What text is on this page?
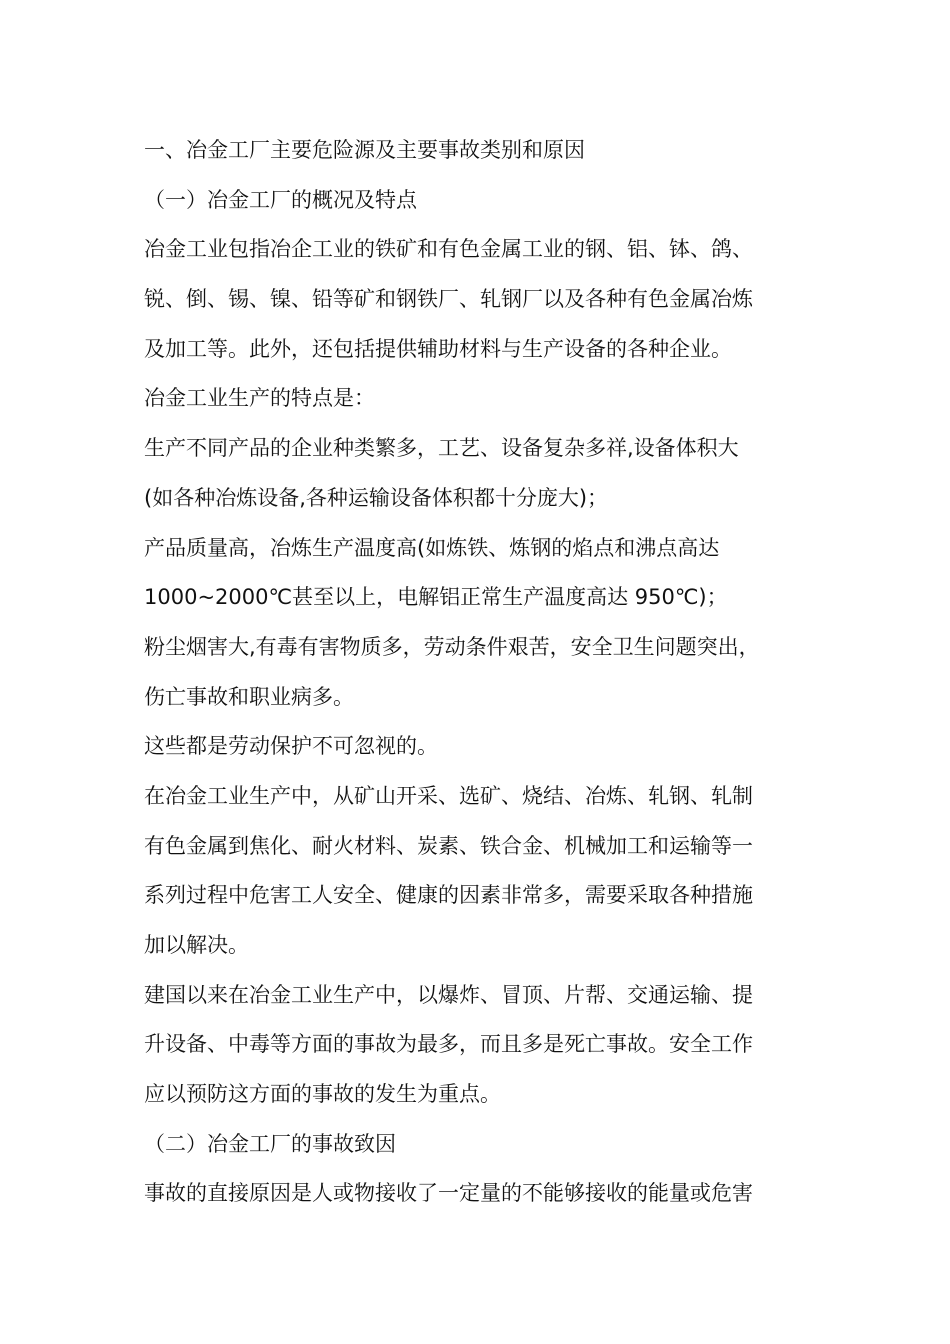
一、冶金工厂主要危险源及主要事故类别和原因
（一）冶金工厂的概况及特点
冶金工业包指冶企工业的铁矿和有色金属工业的钢、铝、钵、鸽、
锐、倒、锡、镍、铅等矿和钢铁厂、轧钢厂以及各种有色金属冶炼
及加工等。此外，还包括提供辅助材料与生产设备的各种企业。
冶金工业生产的特点是：
生产不同产品的企业种类繁多，工艺、设备复杂多祥,设备体积大
(如各种冶炼设备,各种运输设备体积都十分庞大)；
产品质量高，冶炼生产温度高(如炼铁、炼钢的焰点和沸点高达
1000~2000℃甚至以上，电解铝正常生产温度高达 950℃)；
粉尘烟害大,有毒有害物质多，劳动条件艰苦，安全卫生问题突出，
伤亡事故和职业病多。
这些都是劳动保护不可忽视的。
在冶金工业生产中，从矿山开采、选矿、烧结、冶炼、轧钢、轧制
有色金属到焦化、耐火材料、炭素、铁合金、机械加工和运输等一
系列过程中危害工人安全、健康的因素非常多，需要采取各种措施
加以解决。
建国以来在冶金工业生产中，以爆炸、冒顶、片帮、交通运输、提
升设备、中毒等方面的事故为最多，而且多是死亡事故。安全工作
应以预防这方面的事故的发生为重点。
（二）冶金工厂的事故致因
事故的直接原因是人或物接收了一定量的不能够接收的能量或危害
